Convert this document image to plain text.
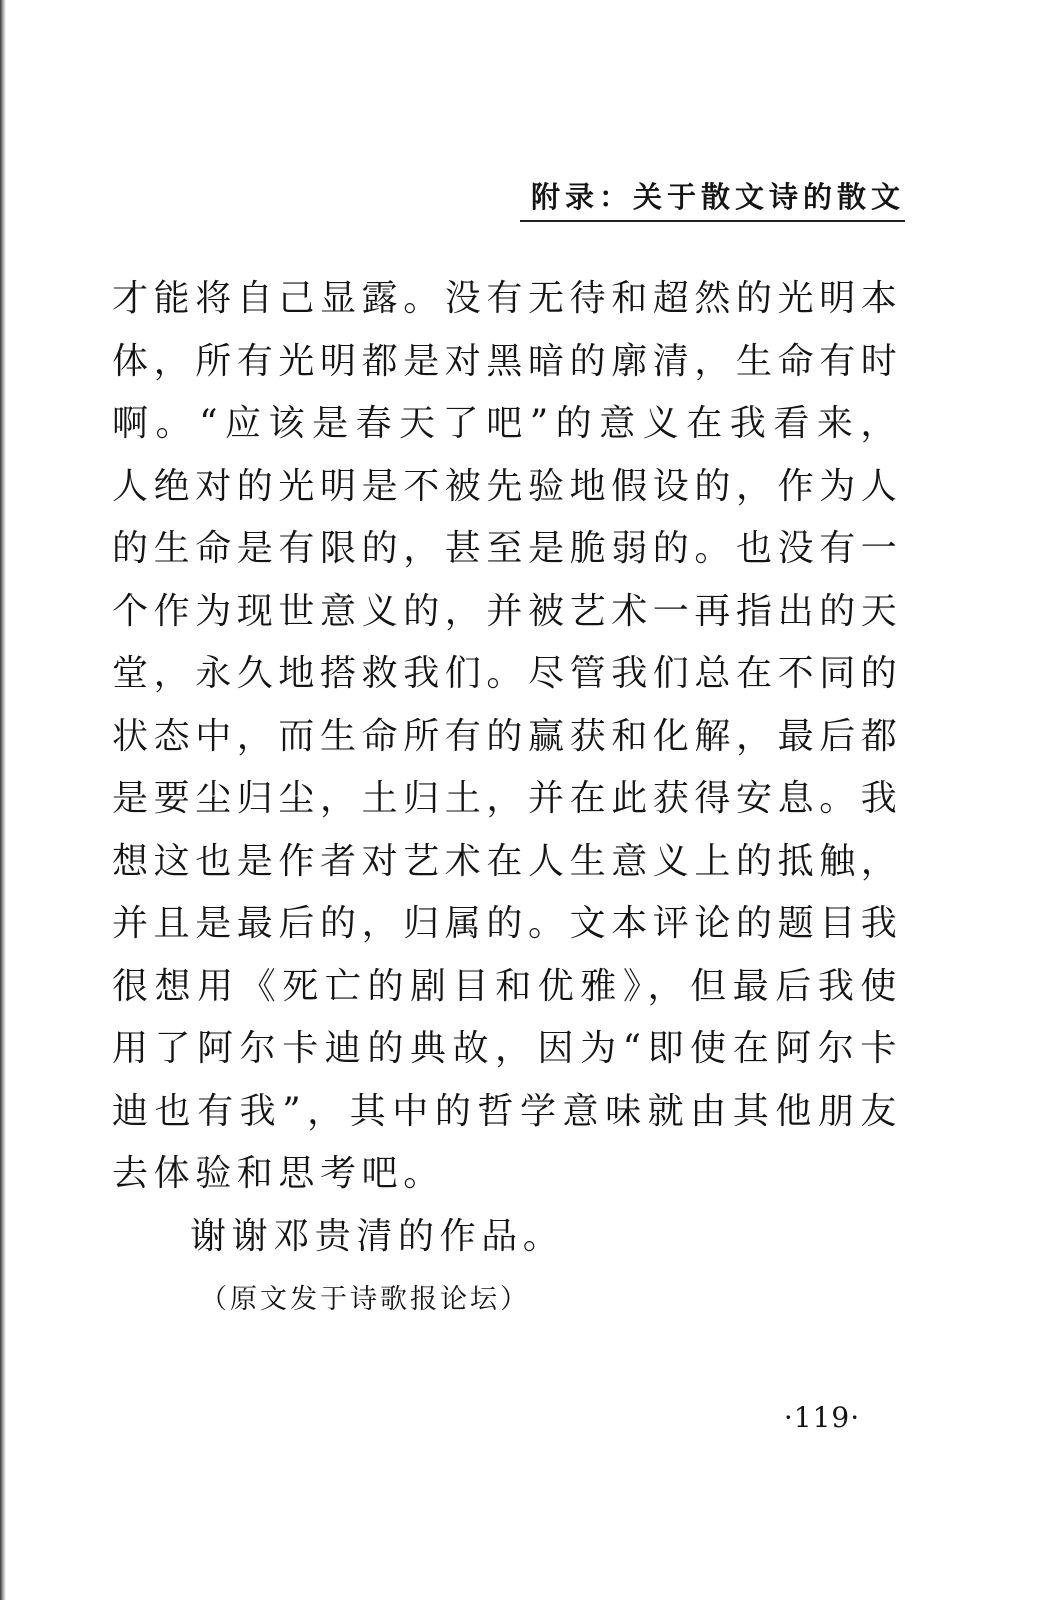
附录：关于散文诗的散文
才能将自己显露。没有无待和超然的光明本
体，所有光明都是对黑暗的廓清，生命有时
啊。“应该是春天了吧”的意义在我看来，
人绝对的光明是不被先验地假设的，作为人
的生命是有限的，甚至是脆弱的。也没有一
个作为现世意义的，并被艺术一再指出的天
堂，永久地搭救我们。尽管我们总在不同的
状态中，而生命所有的赢获和化解，最后都
是要尘归尘，土归土，并在此获得安息。我
想这也是作者对艺术在人生意义上的抵触，
并且是最后的，归属的。文本评论的题目我
很想用《死亡的剧目和优雅》，但最后我使
用了阿尔卡迪的典故，因为“即使在阿尔卡
迪也有我”，其中的哲学意味就由其他朋友
去体验和思考吧。
谢谢邓贵清的作品。
（原文发于诗歌报论坛）
·119·
